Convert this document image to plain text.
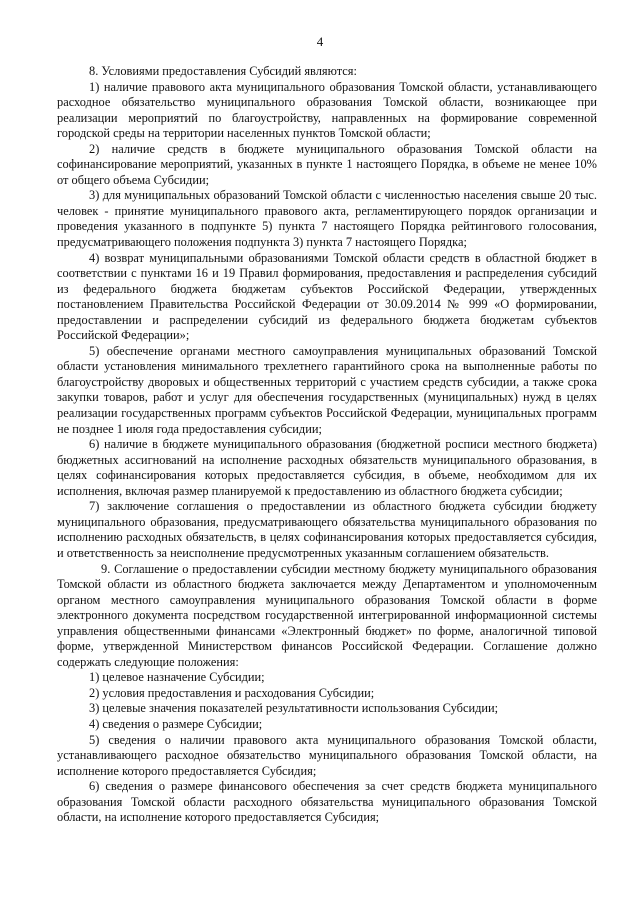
4

8. Условиями предоставления Субсидий являются:

1) наличие правового акта муниципального образования Томской области, устанавливающего расходное обязательство муниципального образования Томской области, возникающее при реализации мероприятий по благоустройству, направленных на формирование современной городской среды на территории населенных пунктов Томской области;

2) наличие средств в бюджете муниципального образования Томской области на софинансирование мероприятий, указанных в пункте 1 настоящего Порядка, в объеме не менее 10% от общего объема Субсидии;

3) для муниципальных образований Томской области с численностью населения свыше 20 тыс. человек - принятие муниципального правового акта, регламентирующего порядок организации и проведения указанного в подпункте 5) пункта 7 настоящего Порядка рейтингового голосования, предусматривающего положения подпункта 3) пункта 7 настоящего Порядка;

4) возврат муниципальными образованиями Томской области средств в областной бюджет в соответствии с пунктами 16 и 19 Правил формирования, предоставления и распределения субсидий из федерального бюджета бюджетам субъектов Российской Федерации, утвержденных постановлением Правительства Российской Федерации от 30.09.2014 № 999 «О формировании, предоставлении и распределении субсидий из федерального бюджета бюджетам субъектов Российской Федерации»;

5) обеспечение органами местного самоуправления муниципальных образований Томской области установления минимального трехлетнего гарантийного срока на выполненные работы по благоустройству дворовых и общественных территорий с участием средств субсидии, а также срока закупки товаров, работ и услуг для обеспечения государственных (муниципальных) нужд в целях реализации государственных программ субъектов Российской Федерации, муниципальных программ не позднее 1 июля года предоставления субсидии;

6) наличие в бюджете муниципального образования (бюджетной росписи местного бюджета) бюджетных ассигнований на исполнение расходных обязательств муниципального образования, в целях софинансирования которых предоставляется субсидия, в объеме, необходимом для их исполнения, включая размер планируемой к предоставлению из областного бюджета субсидии;

7) заключение соглашения о предоставлении из областного бюджета субсидии бюджету муниципального образования, предусматривающего обязательства муниципального образования по исполнению расходных обязательств, в целях софинансирования которых предоставляется субсидия, и ответственность за неисполнение предусмотренных указанным соглашением обязательств.

9. Соглашение о предоставлении субсидии местному бюджету муниципального образования Томской области из областного бюджета заключается между Департаментом и уполномоченным органом местного самоуправления муниципального образования Томской области в форме электронного документа посредством государственной интегрированной информационной системы управления общественными финансами «Электронный бюджет» по форме, аналогичной типовой форме, утвержденной Министерством финансов Российской Федерации. Соглашение должно содержать следующие положения:

1) целевое назначение Субсидии;

2) условия предоставления и расходования Субсидии;

3) целевые значения показателей результативности использования Субсидии;

4) сведения о размере Субсидии;

5) сведения о наличии правового акта муниципального образования Томской области, устанавливающего расходное обязательство муниципального образования Томской области, на исполнение которого предоставляется Субсидия;

6) сведения о размере финансового обеспечения за счет средств бюджета муниципального образования Томской области расходного обязательства муниципального образования Томской области, на исполнение которого предоставляется Субсидия;
